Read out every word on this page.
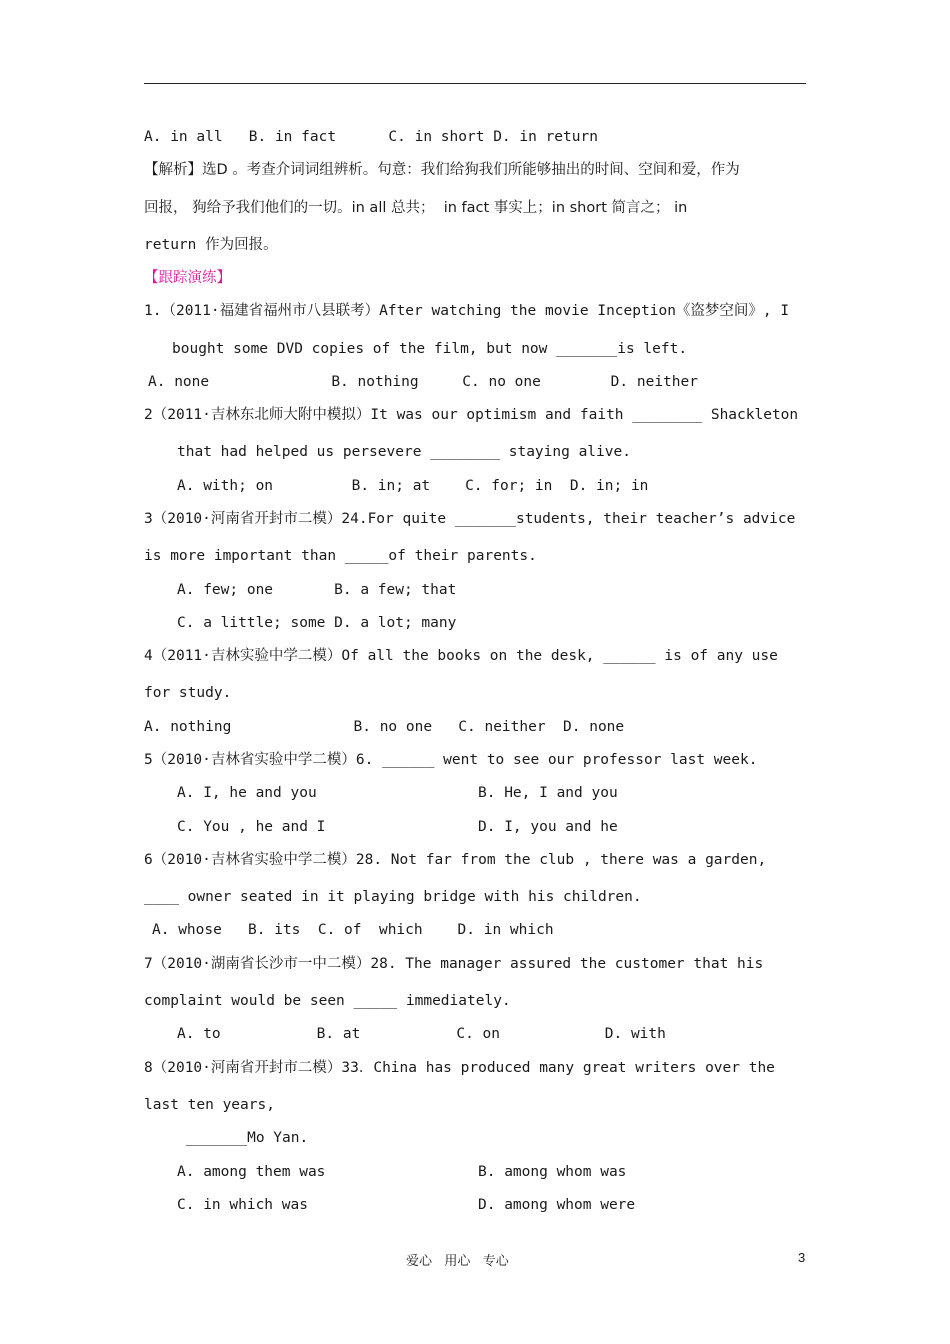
A. in all   B. in fact      C. in short D. in return
【解析】选D 。考查介词词组辨析。句意：我们给狗我们所能够抽出的时间、空间和爱，作为
回报， 狗给予我们他们的一切。in all 总共；  in fact 事实上；in short 简言之； in
return 作为回报。
【跟踪演练】
1.（2011·福建省福州市八县联考）After watching the movie Inception《盗梦空间》, I
bought some DVD copies of the film, but now _______is left.
A. none              B. nothing     C. no one        D. neither
2（2011·吉林东北师大附中模拟）It was our optimism and faith ________ Shackleton
that had helped us persevere ________ staying alive.
A. with; on         B. in; at    C. for; in  D. in; in
3（2010·河南省开封市二模）24.For quite _______students, their teacher’s advice
is more important than _____of their parents.
A. few; one       B. a few; that
C. a little; some D. a lot; many
4（2011·吉林实验中学二模）Of all the books on the desk, ______ is of any use
for study.
A. nothing              B. no one   C. neither  D. none
5（2010·吉林省实验中学二模）6. ______ went to see our professor last week.
A. I, he and you	B. He, I and you
C. You , he and I	D. I, you and he
6（2010·吉林省实验中学二模）28. Not far from the club , there was a garden,
____ owner seated in it playing bridge with his children.
A. whose   B. its  C. of  which    D. in which
7（2010·湖南省长沙市一中二模）28. The manager assured the customer that his
complaint would be seen _____ immediately.
A. to           B. at           C. on            D. with
8（2010·河南省开封市二模）33．China has produced many great writers over the
last ten years,
_______Mo Yan.
A. among them was	B. among whom was
C. in which was	D. among whom were
爱心   用心   专心	3
